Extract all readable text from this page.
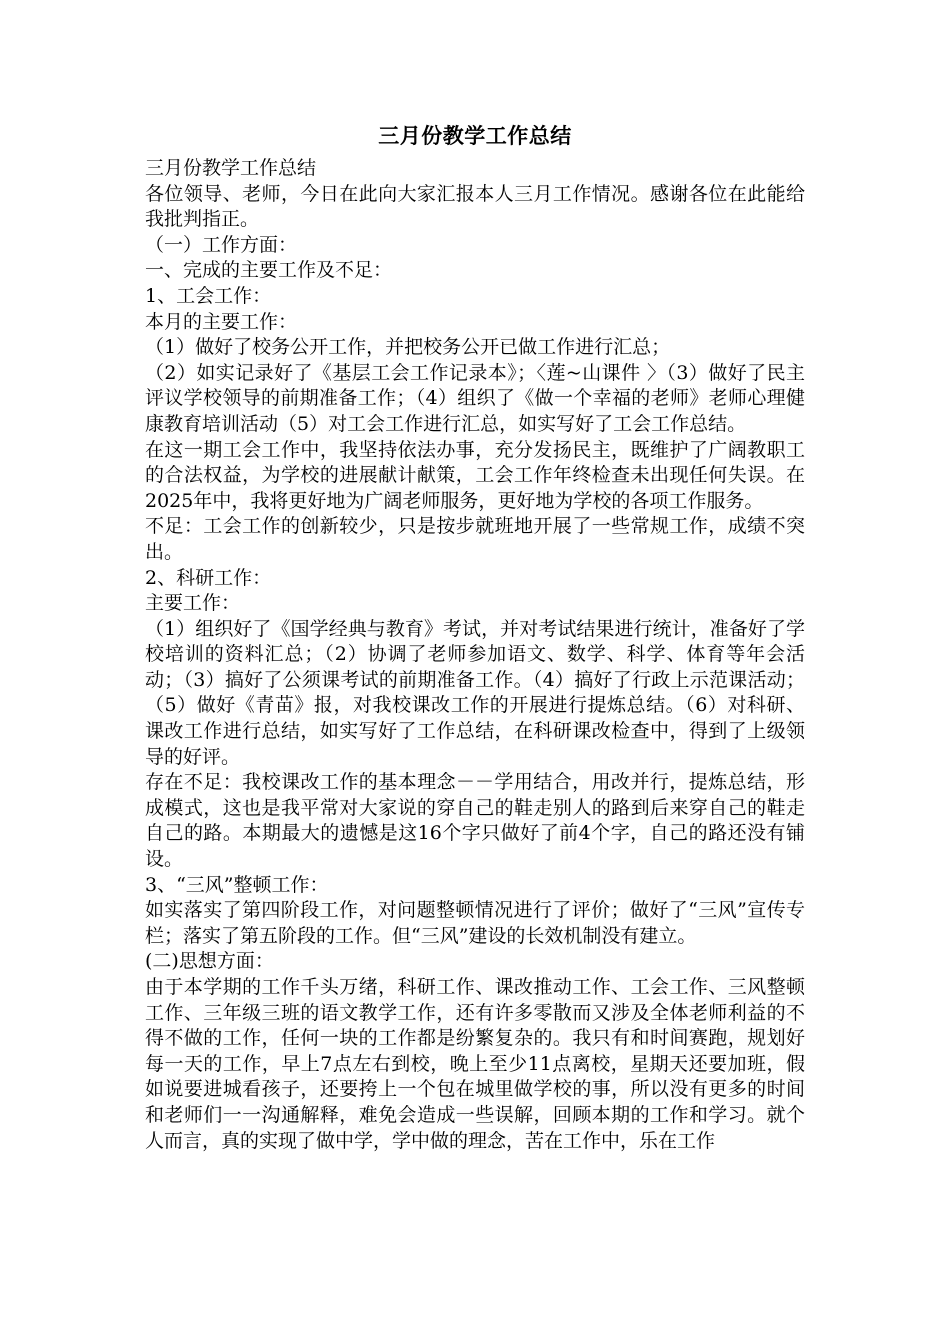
三月份教学工作总结

三月份教学工作总结

各位领导、老师，今日在此向大家汇报本人三月工作情况。感谢各位在此能给我批判指正。

（一）工作方面：

一、完成的主要工作及不足：

1、工会工作：

本月的主要工作：

（1）做好了校务公开工作，并把校务公开已做工作进行汇总；

（2）如实记录好了《基层工会工作记录本》；〈莲~山课件 〉（3）做好了民主评议学校领导的前期准备工作；（4）组织了《做一个幸福的老师》老师心理健康教育培训活动（5）对工会工作进行汇总，如实写好了工会工作总结。

在这一期工会工作中，我坚持依法办事，充分发扬民主，既维护了广阔教职工的合法权益，为学校的进展献计献策，工会工作年终检查未出现任何失误。在2025年中，我将更好地为广阔老师服务，更好地为学校的各项工作服务。

不足：工会工作的创新较少，只是按步就班地开展了一些常规工作，成绩不突出。

2、科研工作：

主要工作：

（1）组织好了《国学经典与教育》考试，并对考试结果进行统计，准备好了学校培训的资料汇总；（2）协调了老师参加语文、数学、科学、体育等年会活动；（3）搞好了公须课考试的前期准备工作。（4）搞好了行政上示范课活动；（5）做好《青苗》报，对我校课改工作的开展进行提炼总结。（6）对科研、课改工作进行总结，如实写好了工作总结，在科研课改检查中，得到了上级领导的好评。

存在不足：我校课改工作的基本理念－－学用结合，用改并行，提炼总结，形成模式，这也是我平常对大家说的穿自己的鞋走别人的路到后来穿自己的鞋走自己的路。本期最大的遗憾是这16个字只做好了前4个字，自己的路还没有铺设。

3、“三风”整顿工作：

如实落实了第四阶段工作，对问题整顿情况进行了评价；做好了“三风”宣传专栏；落实了第五阶段的工作。但“三风”建设的长效机制没有建立。

(二)思想方面：

由于本学期的工作千头万绪，科研工作、课改推动工作、工会工作、三风整顿工作、三年级三班的语文教学工作，还有许多零散而又涉及全体老师利益的不得不做的工作，任何一块的工作都是纷繁复杂的。我只有和时间赛跑，规划好每一天的工作，早上7点左右到校，晚上至少11点离校，星期天还要加班，假如说要进城看孩子，还要挎上一个包在城里做学校的事，所以没有更多的时间和老师们一一沟通解释，难免会造成一些误解，回顾本期的工作和学习。就个人而言，真的实现了做中学，学中做的理念，苦在工作中，乐在工作
